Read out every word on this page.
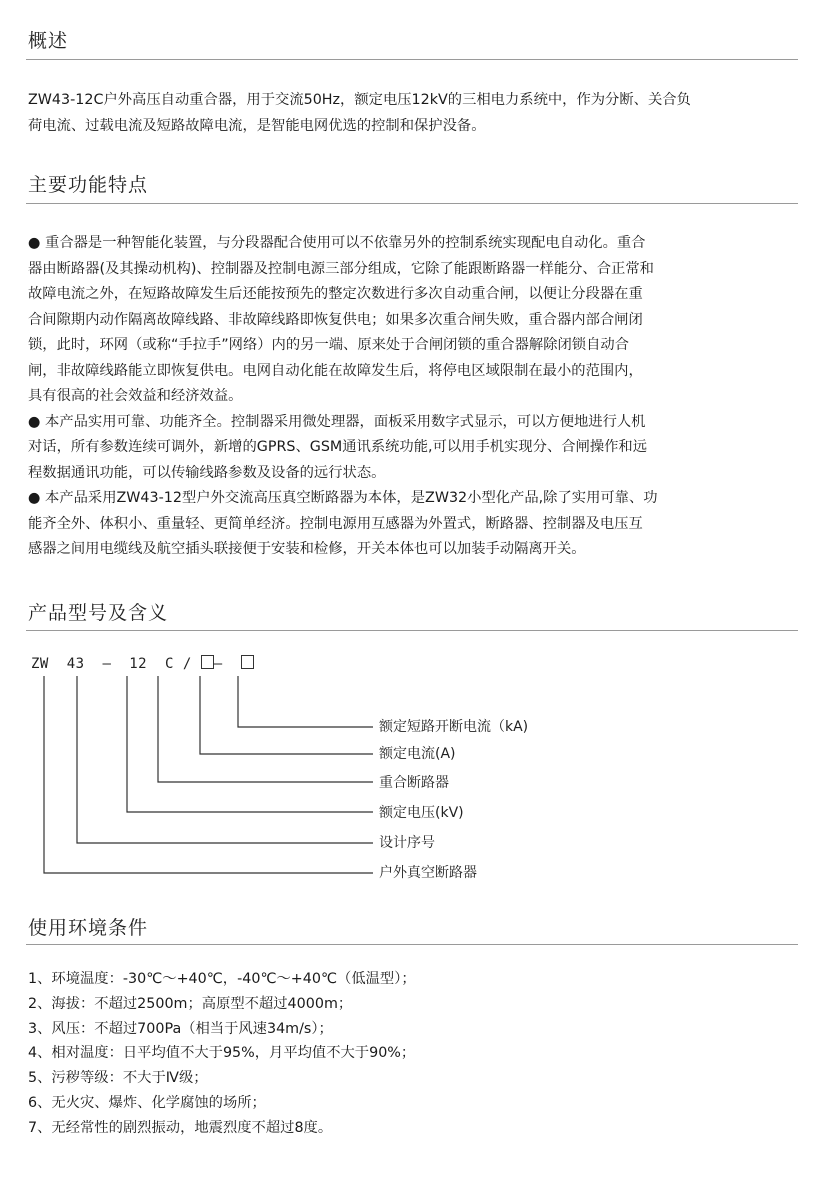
概述
ZW43-12C户外高压自动重合器，用于交流50Hz，额定电压12kV的三相电力系统中，作为分断、关合负
荷电流、过载电流及短路故障电流，是智能电网优选的控制和保护没备。
主要功能特点
● 重合器是一种智能化装置，与分段器配合使用可以不依靠另外的控制系统实现配电自动化。重合
器由断路器(及其操动机构)、控制器及控制电源三部分组成，它除了能跟断路器一样能分、合正常和
故障电流之外，在短路故障发生后还能按预先的整定次数进行多次自动重合闸，以便让分段器在重
合间隙期内动作隔离故障线路、非故障线路即恢复供电；如果多次重合闸失败，重合器内部合闸闭
锁，此时，环网（或称“手拉手”网络）内的另一端、原来处于合闸闭锁的重合器解除闭锁自动合
闸，非故障线路能立即恢复供电。电网自动化能在故障发生后，将停电区域限制在最小的范围内，
具有很高的社会效益和经济效益。
● 本产品实用可靠、功能齐全。控制器采用微处理器，面板采用数字式显示，可以方便地进行人机
对话，所有参数连续可调外，新增的GPRS、GSM通讯系统功能,可以用手机实现分、合闸操作和远
程数据通讯功能，可以传输线路参数及设备的远行状态。
● 本产品采用ZW43-12型户外交流高压真空断路器为本体，是ZW32小型化产品,除了实用可靠、功
能齐全外、体积小、重量轻、更简单经济。控制电源用互感器为外置式，断路器、控制器及电压互
感器之间用电缆线及航空插头联接便于安装和检修，开关本体也可以加装手动隔离开关。
产品型号及含义
ZW 43 – 12 C / –
额定短路开断电流（kA)
额定电流(A)
重合断路器
额定电压(kV)
设计序号
户外真空断路器
使用环境条件
1、环境温度：-30℃～+40℃，-40℃～+40℃（低温型）；
2、海拔：不超过2500m；高原型不超过4000m；
3、风压：不超过700Pa（相当于风速34m/s）；
4、相对温度：日平均值不大于95%，月平均值不大于90%；
5、污秽等级：不大于Ⅳ级；
6、无火灾、爆炸、化学腐蚀的场所；
7、无经常性的剧烈振动，地震烈度不超过8度。
